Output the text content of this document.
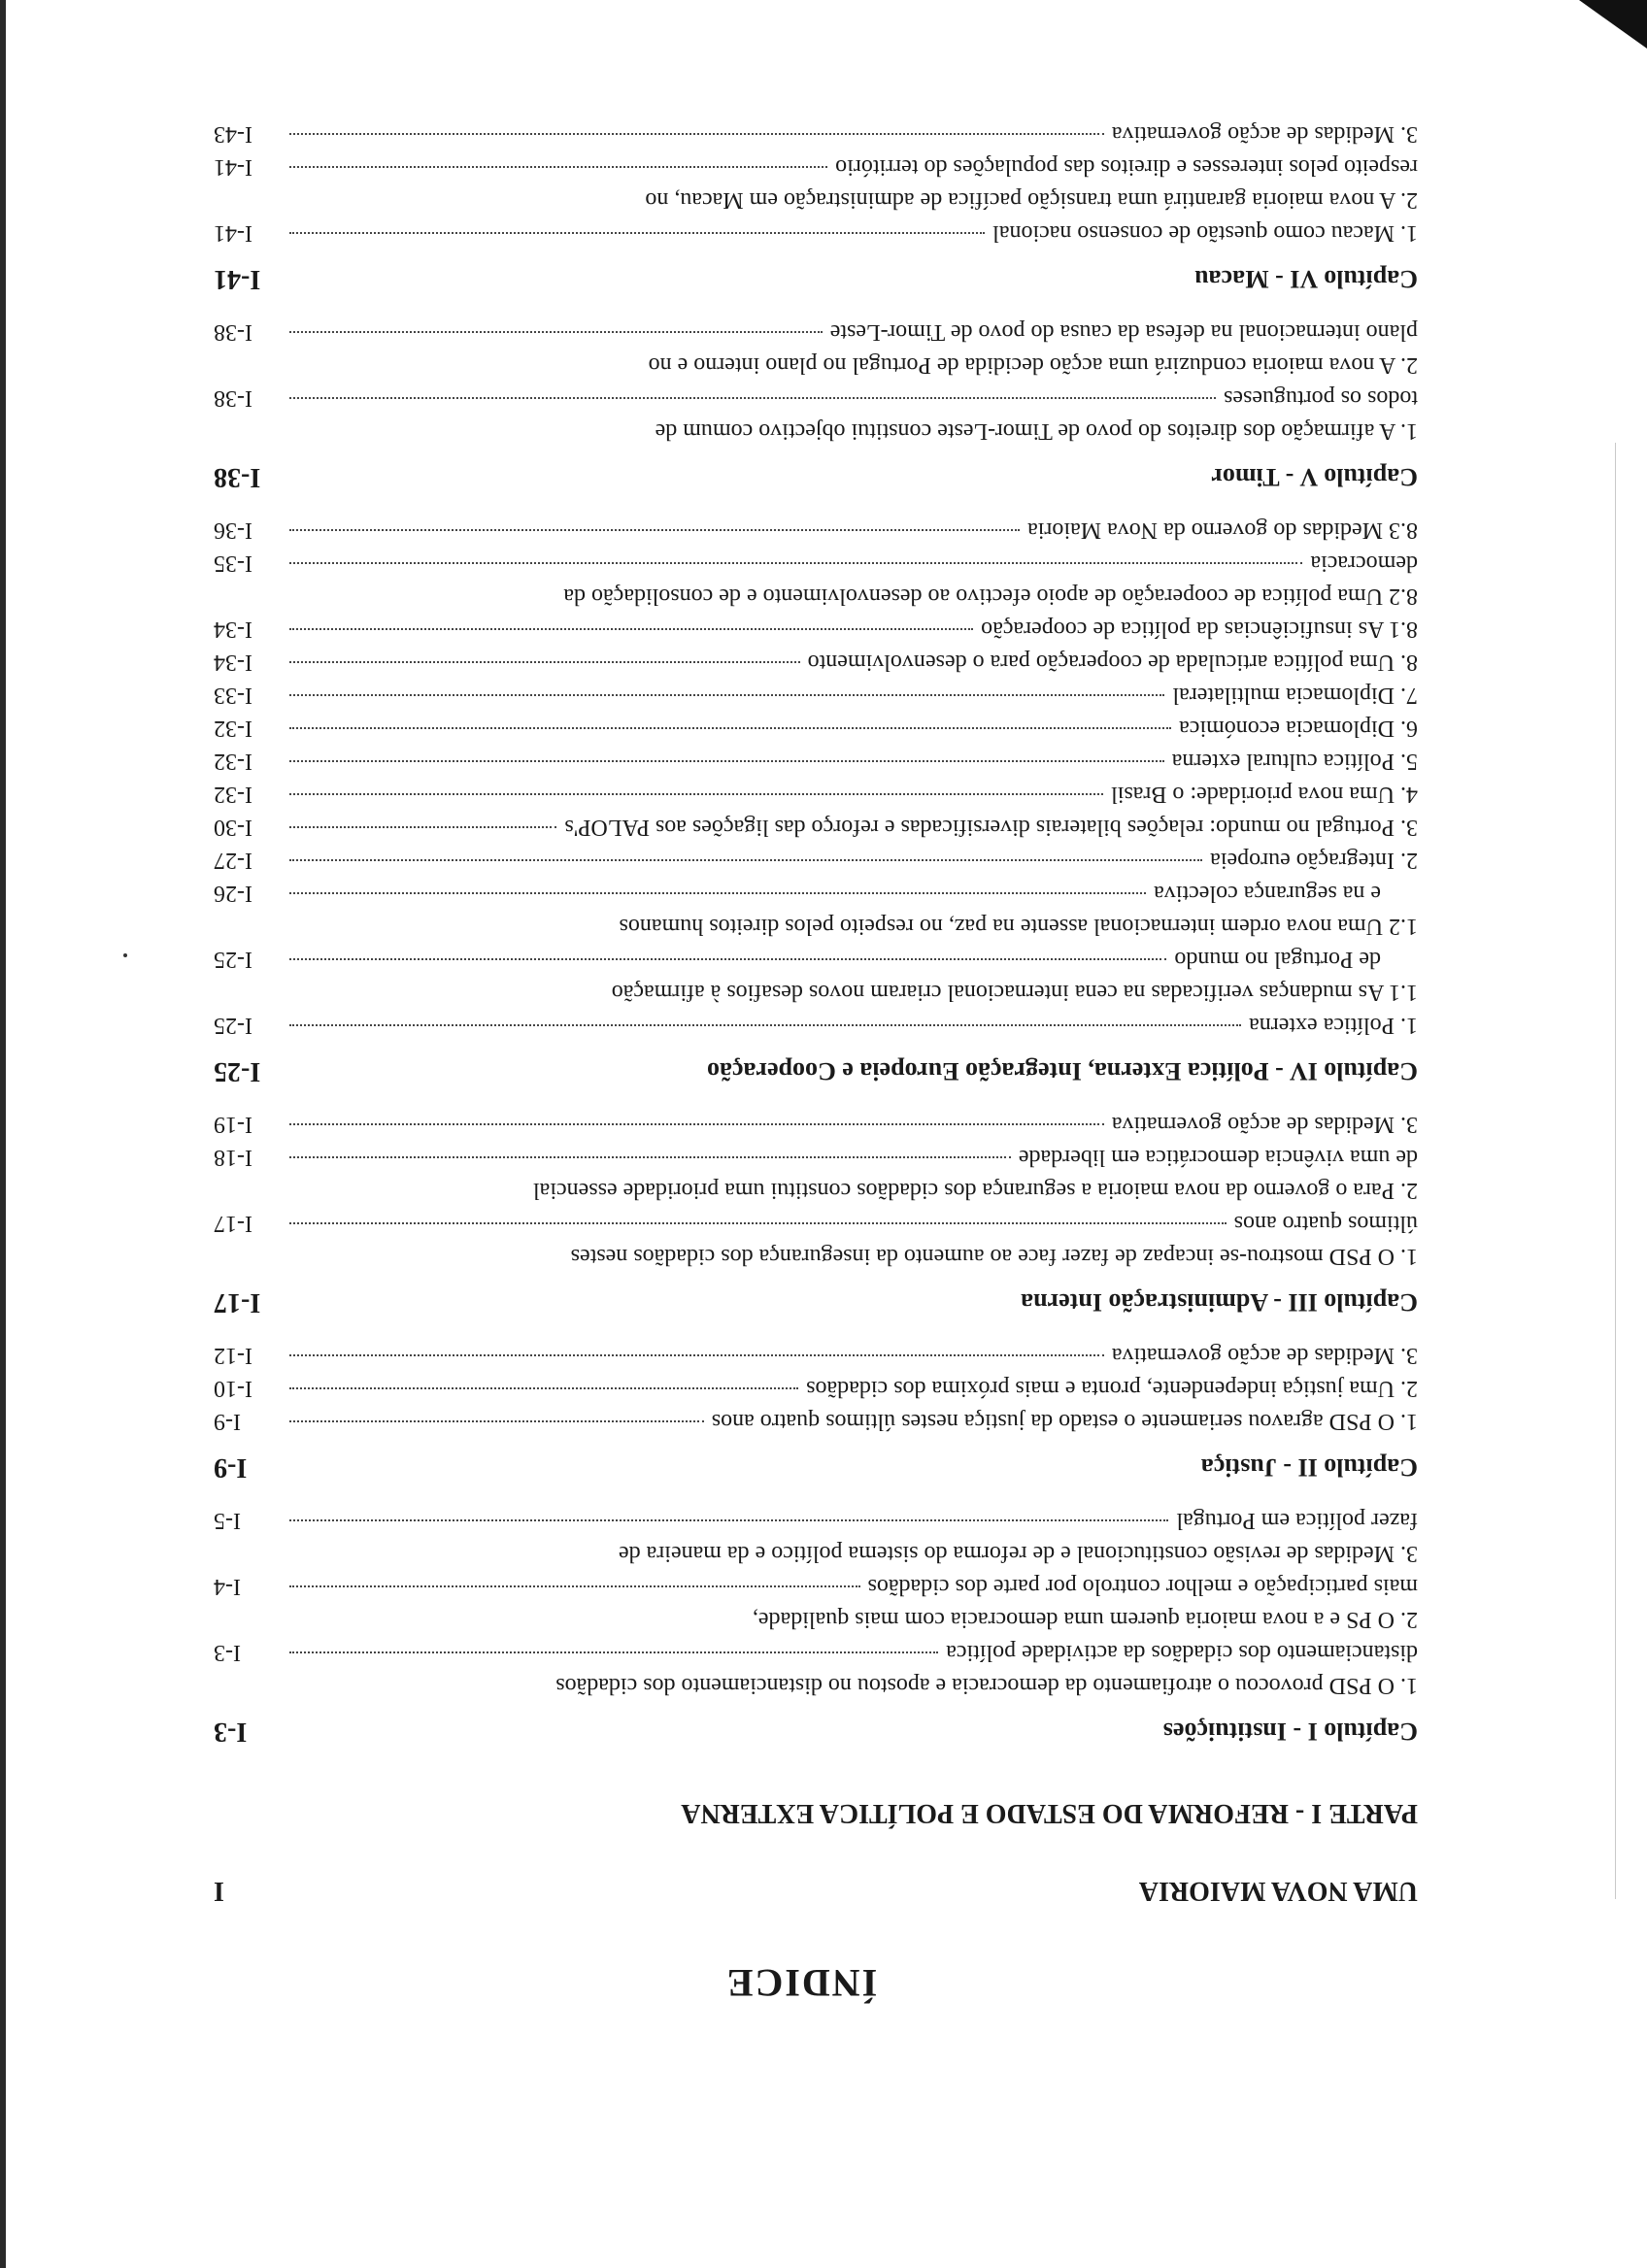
ÍNDICE
UMA NOVA MAIORIA
I
PARTE I - REFORMA DO ESTADO E POLÍTICA EXTERNA
Capítulo I - Instituições
I-3
1. O PSD provocou o atrofiamento da democracia e apostou no distanciamento dos cidadãos
distanciamento dos cidadãos da actividade política
I-3
2. O PS e a nova maioria querem uma democracia com mais qualidade,
mais participação e melhor controlo por parte dos cidadãos
I-4
3. Medidas de revisão constitucional e de reforma do sistema político e da maneira de
fazer política em Portugal
I-5
Capítulo II - Justiça
I-9
1. O PSD agravou seriamente o estado da justiça nestes últimos quatro anos
I-9
2. Uma justiça independente, pronta e mais próxima dos cidadãos
I-10
3. Medidas de acção governativa
I-12
Capítulo III - Administração Interna
I-17
1. O PSD mostrou-se incapaz de fazer face ao aumento da insegurança dos cidadãos nestes
últimos quatro anos
I-17
2. Para o governo da nova maioria a segurança dos cidadãos constitui uma prioridade essencial
de uma vivência democrática em liberdade
I-18
3. Medidas de acção governativa
I-19
Capítulo IV - Política Externa, Integração Europeia e Cooperação
I-25
1. Política externa
I-25
1.1 As mudanças verificadas na cena internacional criaram novos desafios à afirmação
de Portugal no mundo
I-25
1.2 Uma nova ordem internacional assente na paz, no respeito pelos direitos humanos
e na segurança colectiva
I-26
2. Integração europeia
I-27
3. Portugal no mundo: relações bilaterais diversificadas e reforço das ligações aos PALOP's
I-30
4. Uma nova prioridade: o Brasil
I-32
5. Política cultural externa
I-32
6. Diplomacia económica
I-32
7. Diplomacia multilateral
I-33
8. Uma política articulada de cooperação para o desenvolvimento
I-34
8.1 As insuficiências da política de cooperação
I-34
8.2 Uma política de cooperação de apoio efectivo ao desenvolvimento e de consolidação da
democracia
I-35
8.3 Medidas do governo da Nova Maioria
I-36
Capítulo V - Timor
I-38
1. A afirmação dos direitos do povo de Timor-Leste constitui objectivo comum de
todos os portugueses
I-38
2. A nova maioria conduzirá uma acção decidida de Portugal no plano interno e no
plano internacional na defesa da causa do povo de Timor-Leste
I-38
Capítulo VI - Macau
I-41
1. Macau como questão de consenso nacional
I-41
2. A nova maioria garantirá uma transição pacífica de administração em Macau, no
respeito pelos interesses e direitos das populações do território
I-41
3. Medidas de acção governativa
I-43
